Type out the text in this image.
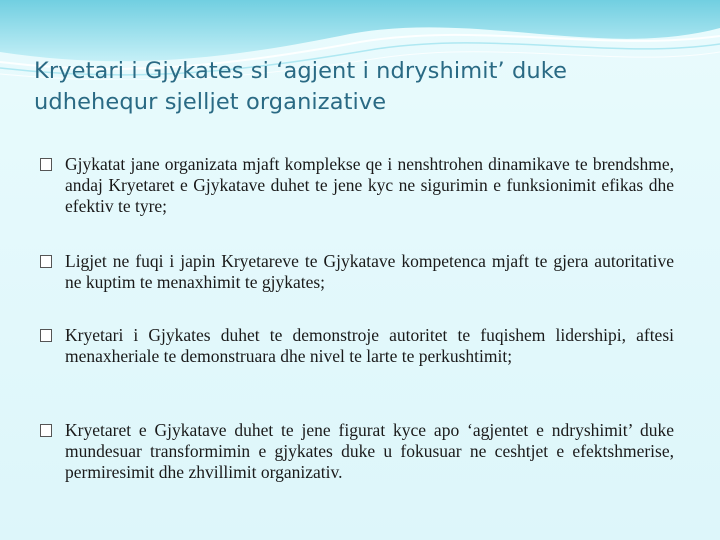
Kryetari i Gjykates si ‘agjent i ndryshimit’ duke udhehequr sjelljet organizative
Gjykatat jane organizata mjaft komplekse qe i nenshtrohen dinamikave te brendshme, andaj Kryetaret e Gjykatave duhet te jene kyc ne sigurimin e funksionimit efikas dhe efektiv te tyre;
Ligjet ne fuqi i japin Kryetareve te Gjykatave kompetenca mjaft te gjera autoritative ne kuptim te menaxhimit te gjykates;
Kryetari i Gjykates duhet te demonstroje autoritet te fuqishem lidershipi, aftesi menaxheriale te demonstruara dhe nivel te larte te perkushtimit;
Kryetaret e Gjykatave duhet te jene figurat kyce apo ‘agjentet e ndryshimit’ duke mundesuar transformimin e gjykates duke u fokusuar ne ceshtjet e efektshmerise, permiresimit dhe zhvillimit organizativ.
